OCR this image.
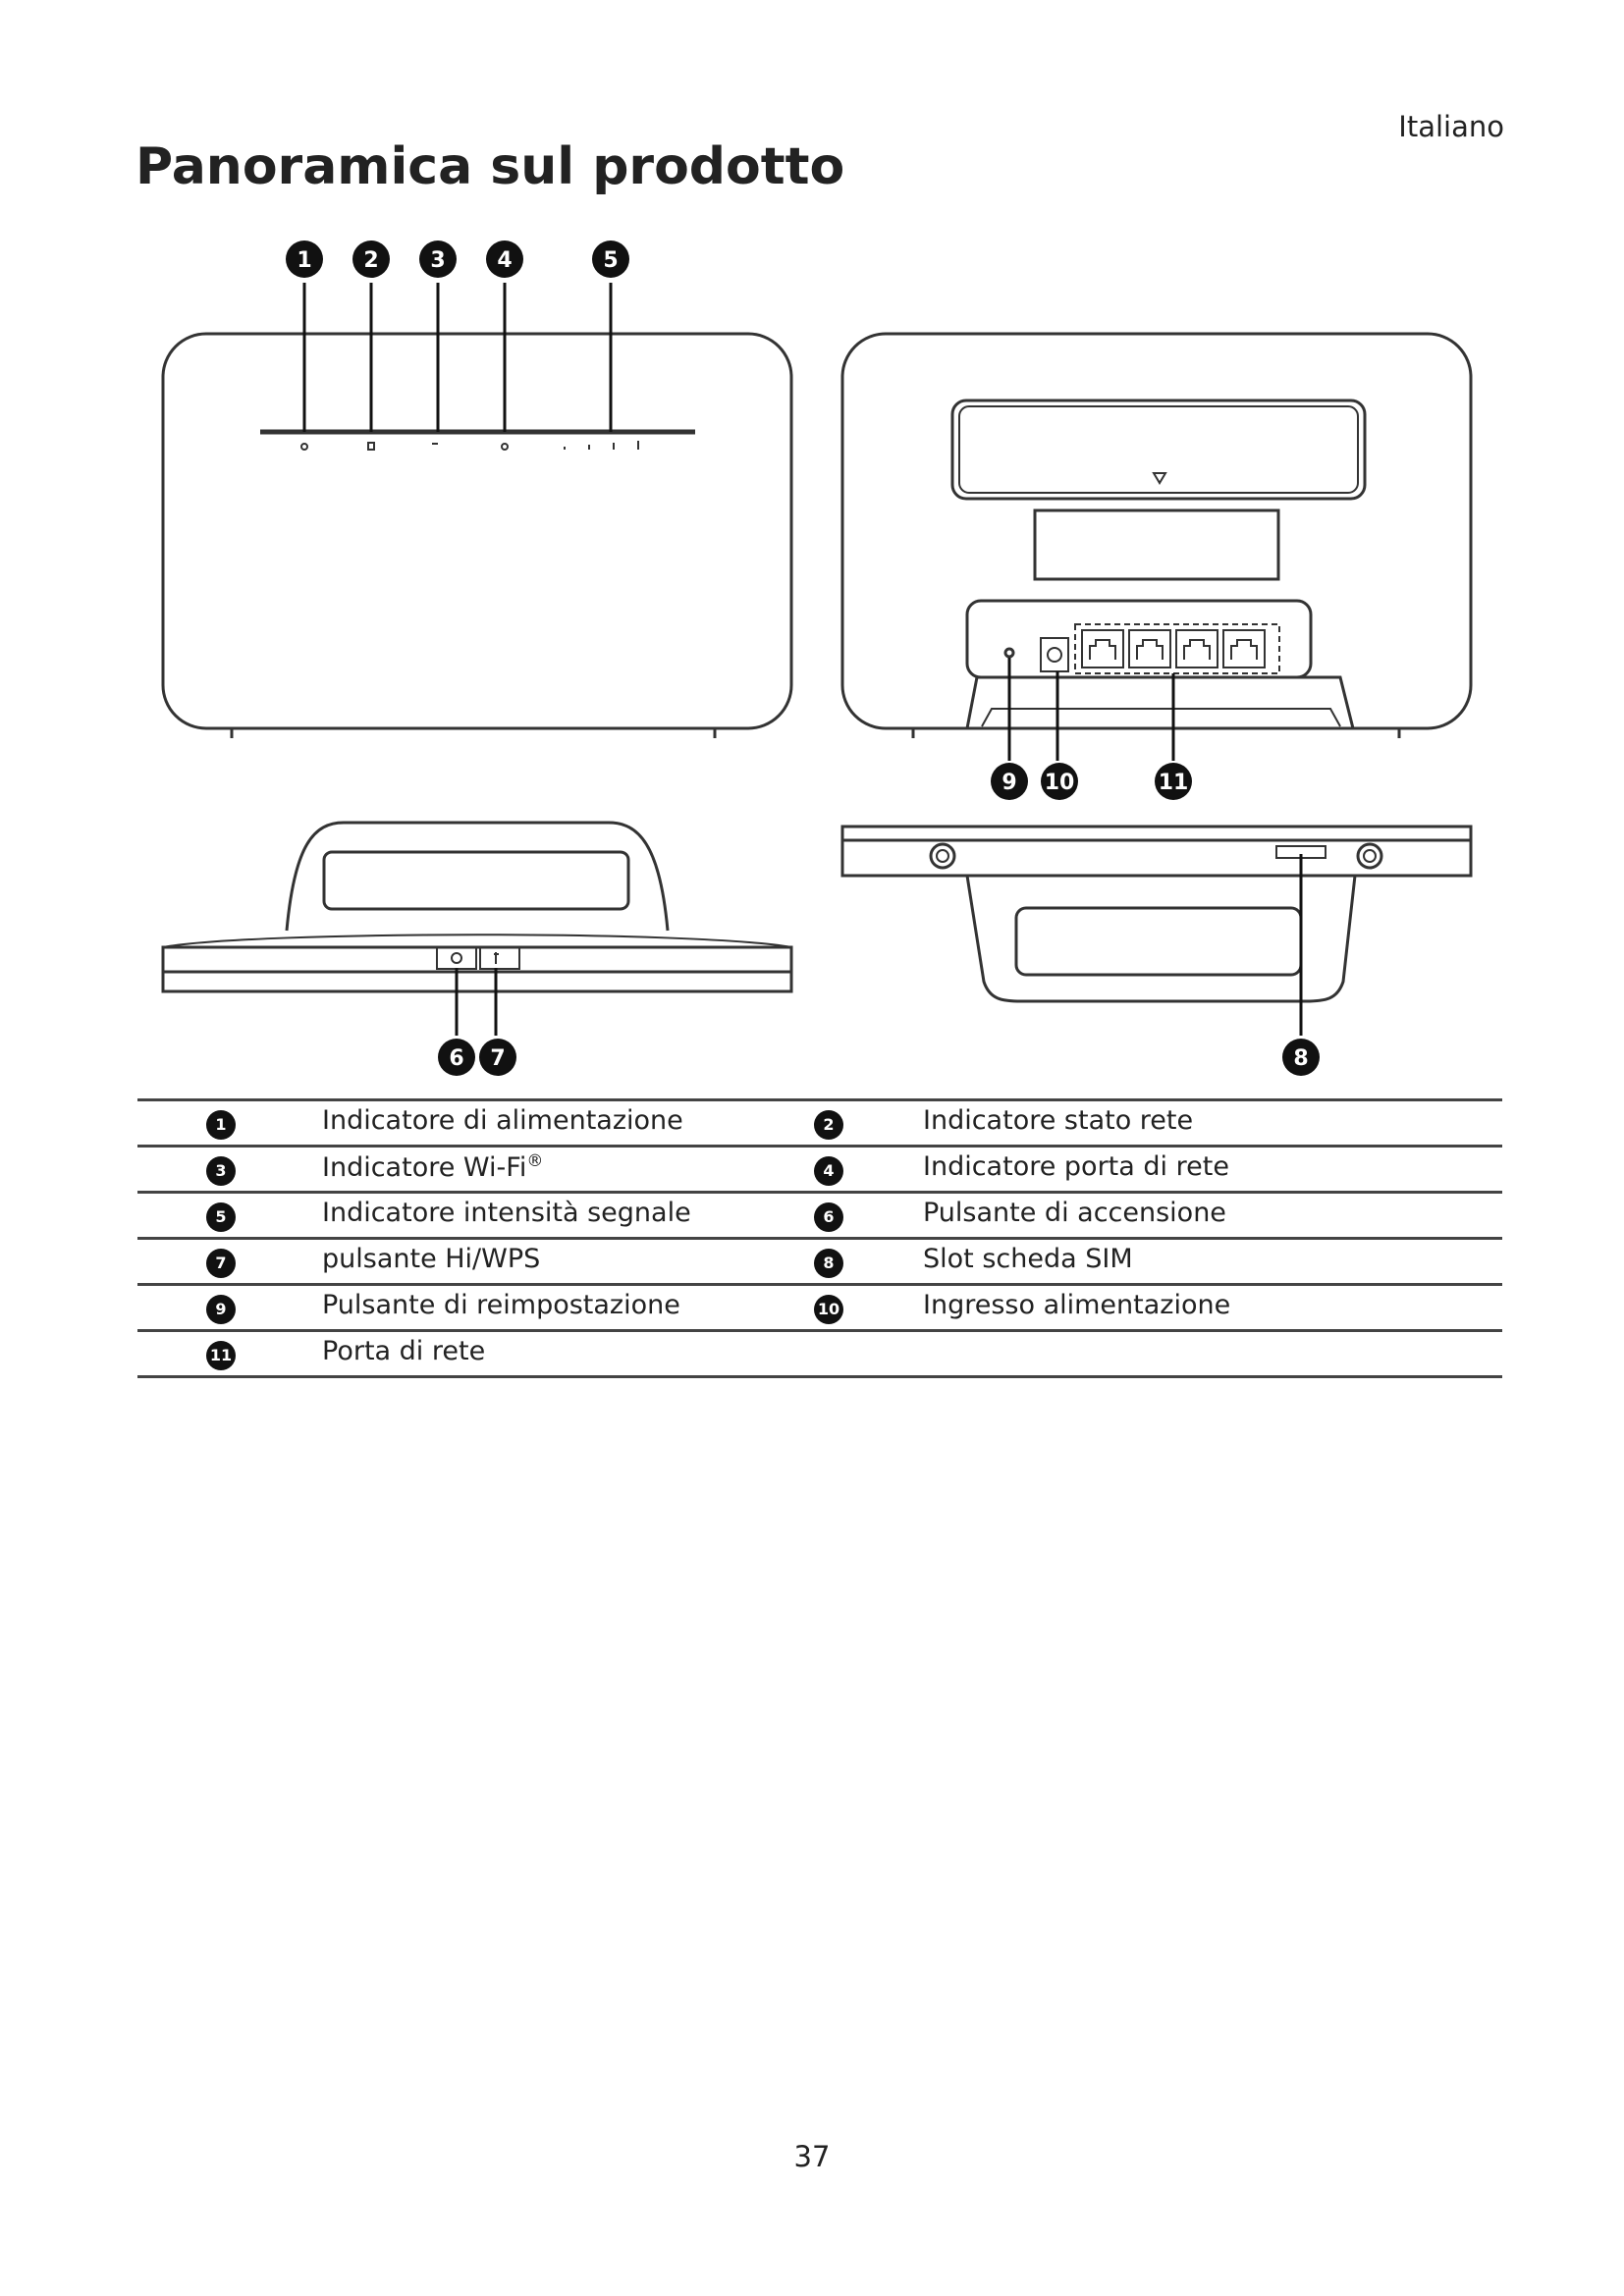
Italiano
Panoramica sul prodotto
1 2 3 4	5
6 7	8
9 10	11
1	Indicatore di alimentazione	2	Indicatore stato rete
3	Indicatore Wi-Fi®	4	Indicatore porta di rete
5	Indicatore intensità segnale	6	Pulsante di accensione
7	pulsante Hi/WPS	8	Slot scheda SIM
9	Pulsante di reimpostazione	10	Ingresso alimentazione
11	Porta di rete
37
